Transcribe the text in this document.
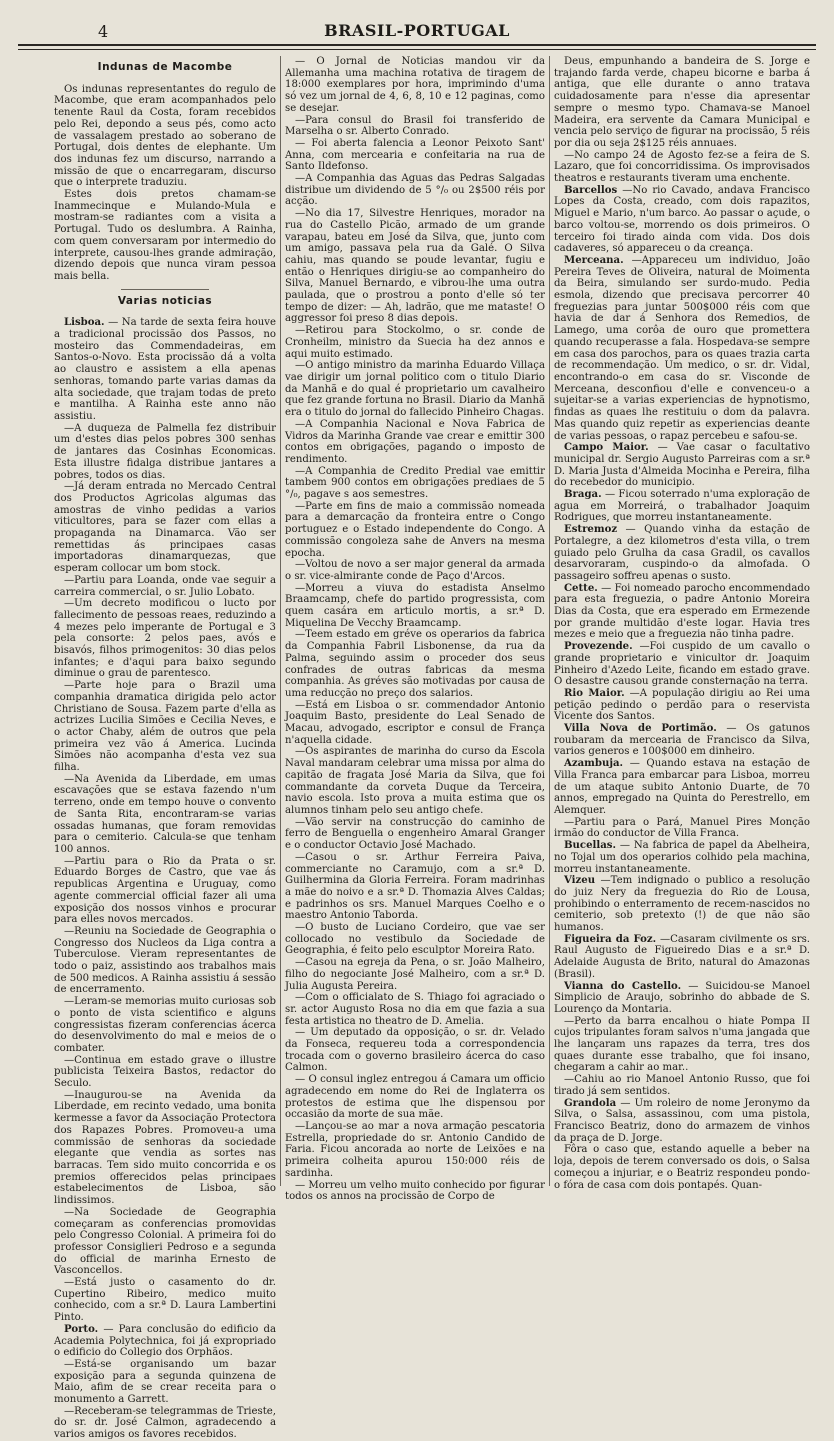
4	BRASIL-PORTUGAL
Indunas de Macombe

Os indunas representantes do regulo de Macombe, que eram acompanhados pelo tenente Raul da Costa, foram recebidos pelo Rei, depondo a seus pés, como acto de vassalagem prestado ao soberano de Portugal, dois dentes de elephante. Um dos indunas fez um discurso, narrando a missão de que o encarregaram, discurso que o interprete traduziu.

Estes dois pretos chamam-se Inammecinque e Mulando-Mula e mostram-se radiantes com a visita a Portugal. Tudo os deslumbra. A Rainha, com quem conversaram por intermedio do interprete, causou-lhes grande admiração, dizendo depois que nunca viram pessoa mais bella.

Varias noticias

Lisboa. — Na tarde de sexta feira houve a tradicional procissão dos Passos, no mosteiro das Commendadeiras, em Santos-o-Novo. Esta procissão dá a volta ao claustro e assistem a ella apenas senhoras, tomando parte varias damas da alta sociedade, que trajam todas de preto e mantilha. A Rainha este anno não assistiu.

—A duqueza de Palmella fez distribuir um d'estes dias pelos pobres 300 senhas de jantares das Cosinhas Economicas. Esta illustre fidalga distribue jantares a pobres, todos os dias.

—Já deram entrada no Mercado Central dos Productos Agricolas algumas das amostras de vinho pedidas a varios viticultores, para se fazer com ellas a propaganda na Dinamarca. Vão ser remettidas ás principaes casas importadoras dinamarquezas, que esperam collocar um bom stock.

—Partiu para Loanda, onde vae seguir a carreira commercial, o sr. Julio Lobato.

—Um decreto modificou o lucto por fallecimento de pessoas reaes, reduzindo a 4 mezes pelo imperante de Portugal e 3 pela consorte: 2 pelos paes, avós e bisavós, filhos primogenitos: 30 dias pelos infantes; e d'aqui para baixo segundo diminue o grau de parentesco.

—Parte hoje para o Brazil uma companhia dramatica dirigida pelo actor Christiano de Sousa. Fazem parte d'ella as actrizes Lucilia Simões e Cecilia Neves, e o actor Chaby, além de outros que pela primeira vez vão á America. Lucinda Simões não acompanha d'esta vez sua filha.

—Na Avenida da Liberdade, em umas escavações que se estava fazendo n'um terreno, onde em tempo houve o convento de Santa Rita, encontraram-se varias ossadas humanas, que foram removidas para o cemiterio. Calcula-se que tenham 100 annos.

—Partiu para o Rio da Prata o sr. Eduardo Borges de Castro, que vae ás republicas Argentina e Uruguay, como agente commercial official fazer ali uma exposição dos nossos vinhos e procurar para elles novos mercados.

—Reuniu na Sociedade de Geographia o Congresso dos Nucleos da Liga contra a Tuberculose. Vieram representantes de todo o paiz, assistindo aos trabalhos mais de 500 medicos. A Rainha assistiu á sessão de encerramento.

—Leram-se memorias muito curiosas sob o ponto de vista scientifico e alguns congressistas fizeram conferencias ácerca do desenvolvimento do mal e meios de o combater.

—Continua em estado grave o illustre publicista Teixeira Bastos, redactor do Seculo.

—Inaugurou-se na Avenida da Liberdade, em recinto vedado, uma bonita kermesse a favor da Associação Protectora dos Rapazes Pobres. Promoveu-a uma commissão de senhoras da sociedade elegante que vendia as sortes nas barracas. Tem sido muito concorrida e os premios offerecidos pelas principaes estabelecimentos de Lisboa, são lindissimos.

—Na Sociedade de Geographia começaram as conferencias promovidas pelo Congresso Colonial. A primeira foi do professor Consiglieri Pedroso e a segunda do official de marinha Ernesto de Vasconcellos.

—Está justo o casamento do dr. Cupertino Ribeiro, medico muito conhecido, com a sr.ª D. Laura Lambertini Pinto.

Porto. — Para conclusão do edificio da Academia Polytechnica, foi já expropriado o edificio do Collegio dos Orphãos.

—Está-se organisando um bazar exposição para a segunda quinzena de Maio, afim de se crear receita para o monumento a Garrett.

—Receberam-se telegrammas de Trieste, do sr. dr. José Calmon, agradecendo a varios amigos os favores recebidos.

— O Jornal de Noticias mandou vir da Allemanha uma machina rotativa de tiragem de 18:000 exemplares por hora, imprimindo d'uma só vez um jornal de 4, 6, 8, 10 e 12 paginas, como se desejar.

—Para consul do Brasil foi transferido de Marselha o sr. Alberto Conrado.

— Foi aberta falencia a Leonor Peixoto Sant' Anna, com mercearia e confeitaria na rua de Santo Ildefonso.

—A Companhia das Aguas das Pedras Salgadas distribue um dividendo de 5 °/₀ ou 2$500 réis por acção.

—No dia 17, Silvestre Henriques, morador na rua do Castello Picão, armado de um grande varapau, bateu em José da Silva, que, junto com um amigo, passava pela rua da Galé. O Silva cahiu, mas quando se poude levantar, fugiu e então o Henriques dirigiu-se ao companheiro do Silva, Manuel Bernardo, e vibrou-lhe uma outra paulada, que o prostrou a ponto d'elle só ter tempo de dizer: — Ah, ladrão, que me mataste! O aggressor foi preso 8 dias depois.

—Retirou para Stockolmo, o sr. conde de Cronheilm, ministro da Suecia ha dez annos e aqui muito estimado.

—O antigo ministro da marinha Eduardo Villaça vae dirigir um jornal politico com o titulo Diario da Manhã e do qual é proprietario um cavalheiro que fez grande fortuna no Brasil. Diario da Manhã era o titulo do jornal do fallecido Pinheiro Chagas.

—A Companhia Nacional e Nova Fabrica de Vidros da Marinha Grande vae crear e emittir 300 contos em obrigações, pagando o imposto de rendimento.

—A Companhia de Credito Predial vae emittir tambem 900 contos em obrigações prediaes de 5 °/₀, pagave s aos semestres.

—Parte em fins de maio a commissão nomeada para a demarcação da fronteira entre o Congo portuguez e o Estado independente do Congo. A commissão congoleza sahe de Anvers na mesma epocha.

—Voltou de novo a ser major general da armada o sr. vice-almirante conde de Paço d'Arcos.

—Morreu a viuva do estadista Anselmo Braamcamp, chefe do partido progressista, com quem casára em articulo mortis, a sr.ª D. Miquelina De Vecchy Braamcamp.

—Teem estado em gréve os operarios da fabrica da Companhia Fabril Lisbonense, da rua da Palma, seguindo assim o proceder dos seus confrades de outras fabricas da mesma companhia. As gréves são motivadas por causa de uma reducção no preço dos salarios.

—Está em Lisboa o sr. commendador Antonio Joaquim Basto, presidente do Leal Senado de Macau, advogado, escriptor e consul de França n'aquella cidade.

—Os aspirantes de marinha do curso da Escola Naval mandaram celebrar uma missa por alma do capitão de fragata José Maria da Silva, que foi commandante da corveta Duque da Terceira, navio escola. Isto prova a muita estima que os alumnos tinham pelo seu antigo chefe.

—Vão servir na construcção do caminho de ferro de Benguella o engenheiro Amaral Granger e o conductor Octavio José Machado.

—Casou o sr. Arthur Ferreira Paiva, commerciante no Caramujo, com a sr.ª D. Guilhermina da Gloria Ferreira. Foram madrinhas a mãe do noivo e a sr.ª D. Thomazia Alves Caldas; e padrinhos os srs. Manuel Marques Coelho e o maestro Antonio Taborda.

—O busto de Luciano Cordeiro, que vae ser collocado no vestibulo da Sociedade de Geographia, é feito pelo esculptor Moreira Rato.

—Casou na egreja da Pena, o sr. João Malheiro, filho do negociante José Malheiro, com a sr.ª D. Julia Augusta Pereira.

—Com o officialato de S. Thiago foi agraciado o sr. actor Augusto Rosa no dia em que fazia a sua festa artistica no theatro de D. Amelia.

— Um deputado da opposição, o sr. dr. Velado da Fonseca, requereu toda a correspondencia trocada com o governo brasileiro ácerca do caso Calmon.

— O consul inglez entregou á Camara um officio agradecendo em nome do Rei de Inglaterra os protestos de estima que lhe dispensou por occasião da morte de sua mãe.

—Lançou-se ao mar a nova armação pescatoria Estrella, propriedade do sr. Antonio Candido de Faria. Ficou ancorada ao norte de Leixões e na primeira colheita apurou 150:000 réis de sardinha.

— Morreu um velho muito conhecido por figurar todos os annos na procissão de Corpo de

Deus, empunhando a bandeira de S. Jorge e trajando farda verde, chapeu bicorne e barba á antiga, que elle durante o anno tratava cuidadosamente para n'esse dia apresentar sempre o mesmo typo. Chamava-se Manoel Madeira, era servente da Camara Municipal e vencia pelo serviço de figurar na procissão, 5 réis por dia ou seja 2$125 réis annuaes.

—No campo 24 de Agosto fez-se a feira de S. Lazaro, que foi concorridissima. Os improvisados theatros e restaurants tiveram uma enchente.

Barcellos —No rio Cavado, andava Francisco Lopes da Costa, creado, com dois rapazitos, Miguel e Mario, n'um barco. Ao passar o açude, o barco voltou-se, morrendo os dois primeiros. O terceiro foi tirado ainda com vida. Dos dois cadaveres, só appareceu o da creança.

Merceana. —Appareceu um individuo, João Pereira Teves de Oliveira, natural de Moimenta da Beira, simulando ser surdo-mudo. Pedia esmola, dizendo que precisava percorrer 40 freguezias para juntar 500$000 réis com que havia de dar á Senhora dos Remedios, de Lamego, uma corôa de ouro que promettera quando recuperasse a fala. Hospedava-se sempre em casa dos parochos, para os quaes trazia carta de recommendação. Um medico, o sr. dr. Vidal, encontrando-o em casa do sr. Visconde de Merceana, desconfiou d'elle e convenceu-o a sujeitar-se a varias experiencias de hypnotismo, findas as quaes lhe restituiu o dom da palavra. Mas quando quiz repetir as experiencias deante de varias pessoas, o rapaz percebeu e safou-se.

Campo Maior. — Vae casar o facultativo municipal dr. Sergio Augusto Parreiras com a sr.ª D. Maria Justa d'Almeida Mocinha e Pereira, filha do recebedor do municipio.

Braga. — Ficou soterrado n'uma exploração de agua em Morreirá, o trabalhador Joaquim Rodrigues, que morreu instantaneamente.

Estremoz — Quando vinha da estação de Portalegre, a dez kilometros d'esta villa, o trem guiado pelo Grulha da casa Gradil, os cavallos desarvoraram, cuspindo-o da almofada. O passageiro soffreu apenas o susto.

Cette. — Foi nomeado parocho encommendado para esta freguezia, o padre Antonio Moreira Dias da Costa, que era esperado em Ermezende por grande multidão d'este logar. Havia tres mezes e meio que a freguezia não tinha padre.

Provezende. —Foi cuspido de um cavallo o grande proprietario e vinicultor dr. Joaquim Pinheiro d'Azedo Leite, ficando em estado grave. O desastre causou grande consternação na terra.

Rio Maior. —A população dirigiu ao Rei uma petição pedindo o perdão para o reservista Vicente dos Santos.

Villa Nova de Portimão. — Os gatunos roubaram da mercearia de Francisco da Silva, varios generos e 100$000 em dinheiro.

Azambuja. — Quando estava na estação de Villa Franca para embarcar para Lisboa, morreu de um ataque subito Antonio Duarte, de 70 annos, empregado na Quinta do Perestrello, em Alemquer.

—Partiu para o Pará, Manuel Pires Monção irmão do conductor de Villa Franca.

Bucellas. — Na fabrica de papel da Abelheira, no Tojal um dos operarios colhido pela machina, morreu instantaneamente.

Vizeu —Tem indignado o publico a resolução do juiz Nery da freguezia do Rio de Lousa, prohibindo o enterramento de recem-nascidos no cemiterio, sob pretexto (!) de que não são humanos.

Figueira da Foz. —Casaram civilmente os srs. Raul Augusto de Figueiredo Dias e a sr.ª D. Adelaide Augusta de Brito, natural do Amazonas (Brasil).

Vianna do Castello. — Suicidou-se Manoel Simplicio de Araujo, sobrinho do abbade de S. Lourenço da Montaria.

—Perto da barra encalhou o hiate Pompa II cujos tripulantes foram salvos n'uma jangada que lhe lançaram uns rapazes da terra, tres dos quaes durante esse trabalho, que foi insano, chegaram a cahir ao mar..

—Cahiu ao rio Manoel Antonio Russo, que foi tirado já sem sentidos.

Grandola — Um roleiro de nome Jeronymo da Silva, o Salsa, assassinou, com uma pistola, Francisco Beatriz, dono do armazem de vinhos da praça de D. Jorge.

Fôra o caso que, estando aquelle a beber na loja, depois de terem conversado os dois, o Salsa começou a injuriar, e o Beatriz respondeu pondo-o fóra de casa com dois pontapés. Quan-
